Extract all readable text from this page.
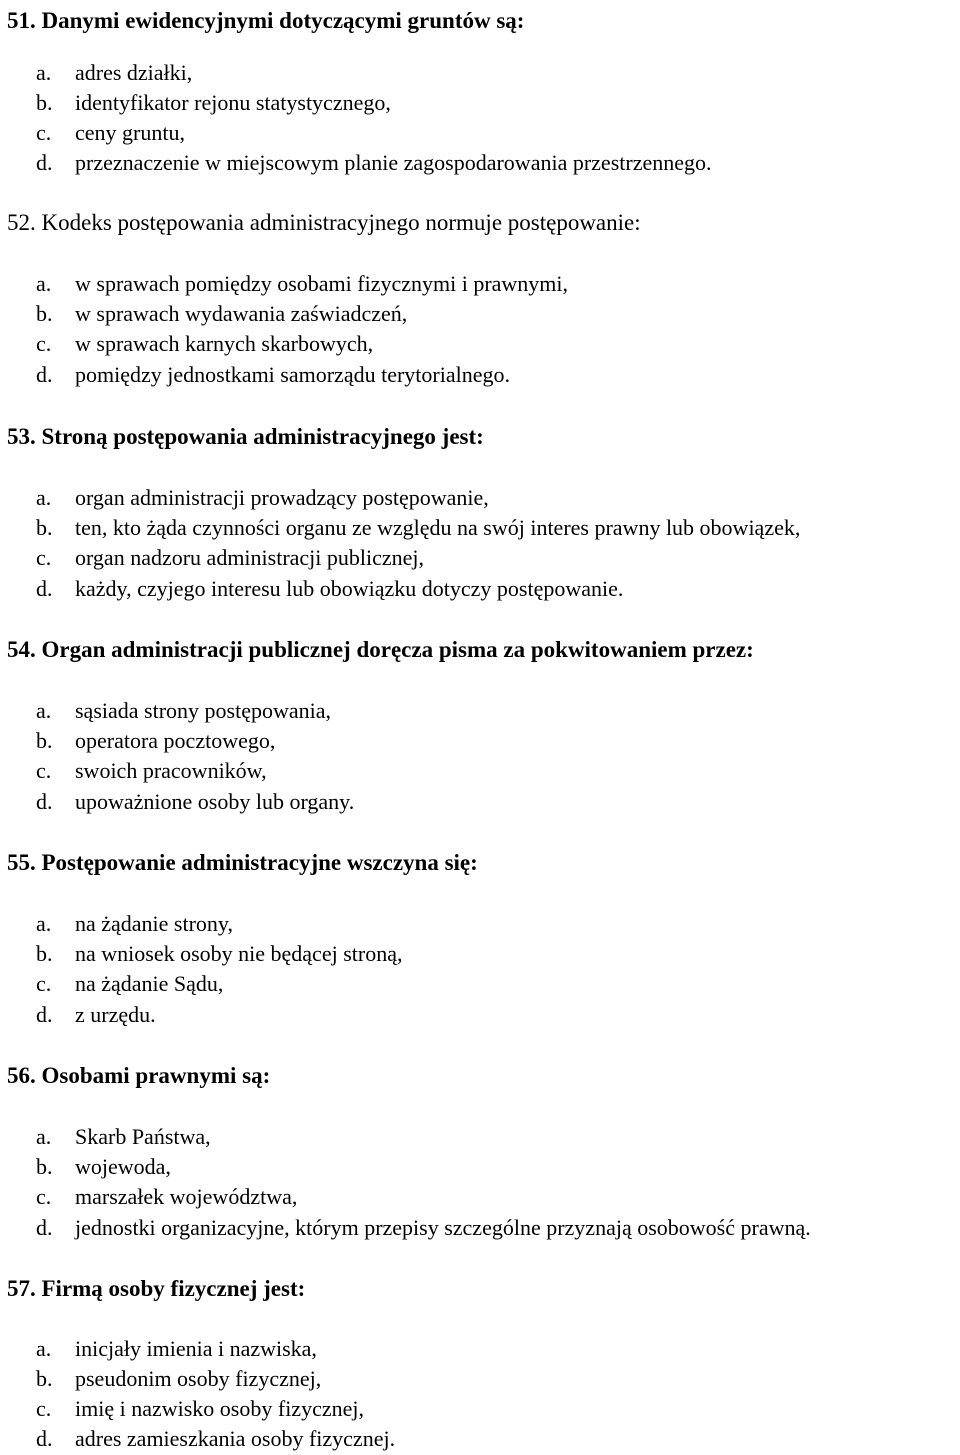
51. Danymi ewidencyjnymi dotyczącymi gruntów są:
a.	adres działki,
b.	identyfikator rejonu statystycznego,
c.	ceny gruntu,
d.	przeznaczenie w miejscowym planie zagospodarowania przestrzennego.
52. Kodeks postępowania administracyjnego normuje postępowanie:
a.	w sprawach pomiędzy osobami fizycznymi i prawnymi,
b.	w sprawach wydawania zaświadczeń,
c.	w sprawach karnych skarbowych,
d.	pomiędzy jednostkami samorządu terytorialnego.
53. Stroną postępowania administracyjnego jest:
a.	organ administracji prowadzący postępowanie,
b.	ten, kto żąda czynności organu ze względu na swój interes prawny lub obowiązek,
c.	organ nadzoru administracji publicznej,
d.	każdy, czyjego interesu lub obowiązku dotyczy postępowanie.
54. Organ administracji publicznej doręcza pisma za pokwitowaniem przez:
a.	sąsiada strony postępowania,
b.	operatora pocztowego,
c.	swoich pracowników,
d.	upoważnione osoby lub organy.
55. Postępowanie administracyjne wszczyna się:
a.	na żądanie strony,
b.	na wniosek osoby nie będącej stroną,
c.	na żądanie Sądu,
d.	z urzędu.
56. Osobami prawnymi są:
a.	Skarb Państwa,
b.	wojewoda,
c.	marszałek województwa,
d.	jednostki organizacyjne, którym przepisy szczególne przyznają osobowość prawną.
57. Firmą osoby fizycznej jest:
a.	inicjały imienia i nazwiska,
b.	pseudonim osoby fizycznej,
c.	imię i nazwisko osoby fizycznej,
d.	adres zamieszkania osoby fizycznej.
